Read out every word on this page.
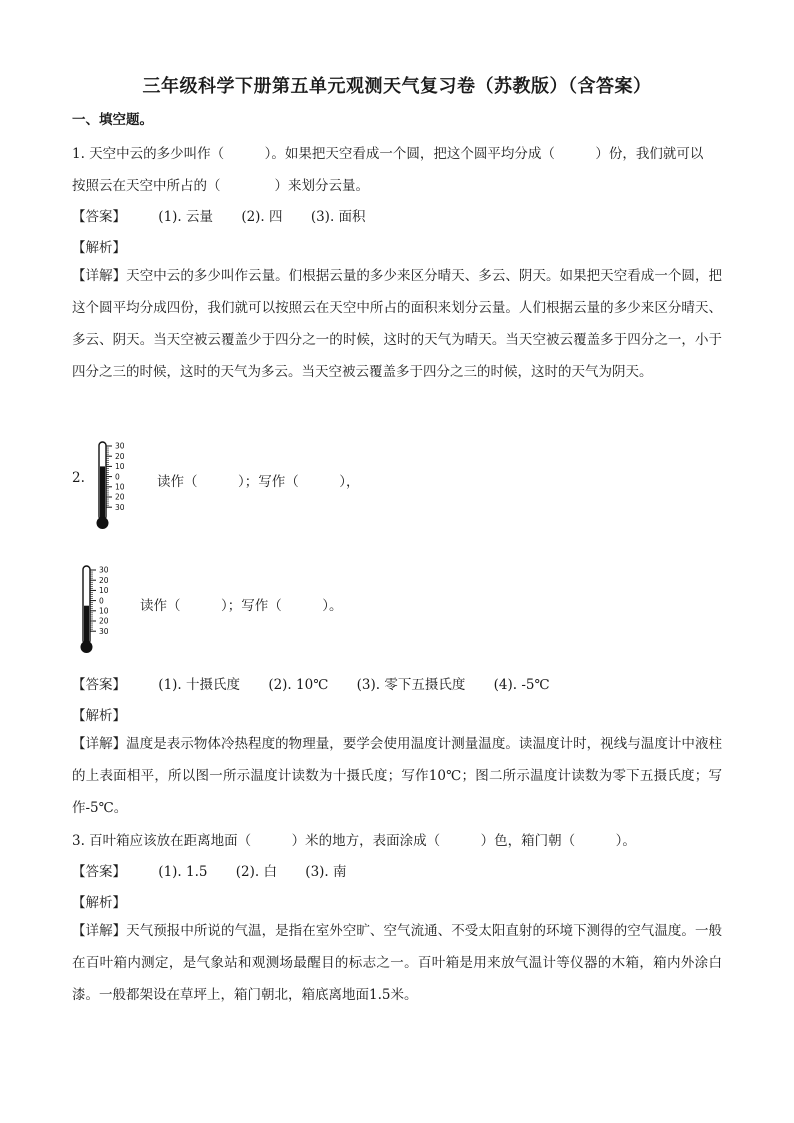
三年级科学下册第五单元观测天气复习卷（苏教版）（含答案）
一、填空题。
1. 天空中云的多少叫作（　　　）。如果把天空看成一个圆，把这个圆平均分成（　　　）份，我们就可以
按照云在天空中所占的（　　　　）来划分云量。
【答案】 (1). 云量 (2). 四 (3). 面积
【解析】
【详解】天空中云的多少叫作云量。们根据云量的多少来区分晴天、多云、阴天。如果把天空看成一个圆，把这个圆平均分成四份，我们就可以按照云在天空中所占的面积来划分云量。人们根据云量的多少来区分晴天、多云、阴天。当天空被云覆盖少于四分之一的时候，这时的天气为晴天。当天空被云覆盖多于四分之一，小于四分之三的时候，这时的天气为多云。当天空被云覆盖多于四分之三的时候，这时的天气为阴天。
2.
30
20
10
0
10
20
30
读作（　　　）；写作（　　　），
30
20
10
0
10
20
30
读作（　　　）；写作（　　　）。
【答案】 (1). 十摄氏度 (2). 10℃ (3). 零下五摄氏度 (4). -5℃
【解析】
【详解】温度是表示物体冷热程度的物理量，要学会使用温度计测量温度。读温度计时，视线与温度计中液柱的上表面相平，所以图一所示温度计读数为十摄氏度；写作10℃；图二所示温度计读数为零下五摄氏度；写作-5℃。
3. 百叶箱应该放在距离地面（　　　）米的地方，表面涂成（　　　）色，箱门朝（　　　）。
【答案】 (1). 1.5 (2). 白 (3). 南
【解析】
【详解】天气预报中所说的气温，是指在室外空旷、空气流通、不受太阳直射的环境下测得的空气温度。一般在百叶箱内测定，是气象站和观测场最醒目的标志之一。百叶箱是用来放气温计等仪器的木箱，箱内外涂白漆。一般都架设在草坪上，箱门朝北，箱底离地面1.5米。
